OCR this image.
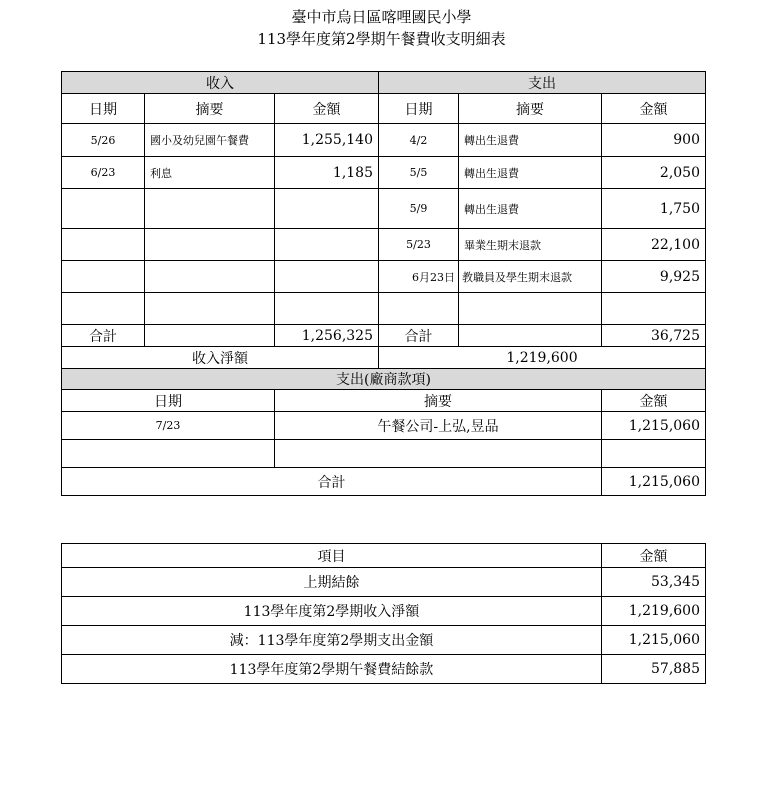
臺中市烏日區喀哩國民小學
113學年度第2學期午餐費收支明細表
收入			支出		
日期	摘要	金額	日期	摘要	金額
5/26	國小及幼兒園午餐費	1,255,140	4/2	轉出生退費	900
6/23	利息	1,185	5/5	轉出生退費	2,050
			5/9	轉出生退費	1,750
			5/23	畢業生期末退款	22,100
			6月23日	教職員及學生期末退款	9,925

合計		1,256,325	合計		36,725
收入淨額			1,219,600		
支出(廠商款項)					
日期		摘要			金額
7/23		午餐公司-上弘,昱品			1,215,060

合計					1,215,060
項目	金額
上期結餘	53,345
113學年度第2學期收入淨額	1,219,600
減：113學年度第2學期支出金額	1,215,060
113學年度第2學期午餐費結餘款	57,885
